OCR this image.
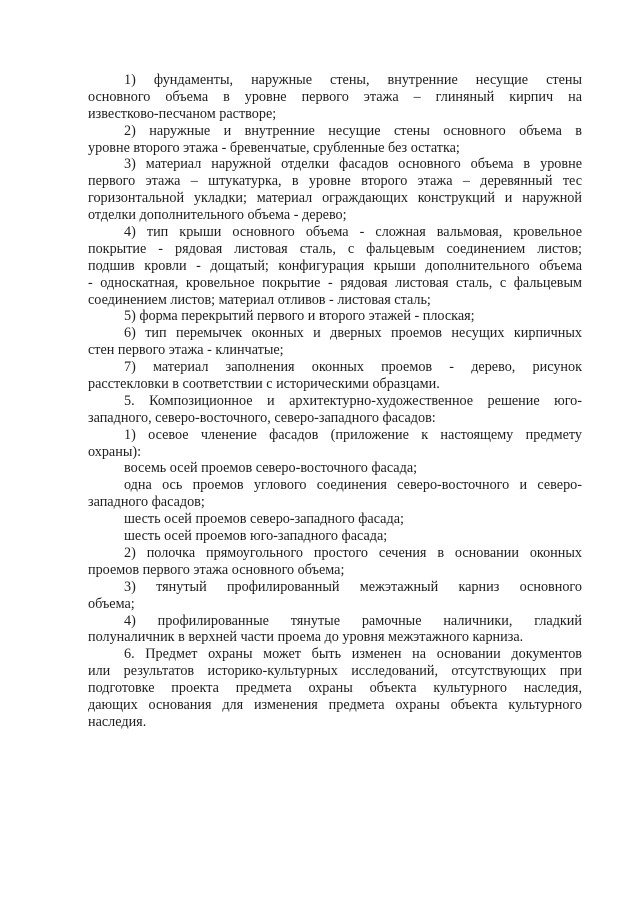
1) фундаменты, наружные стены, внутренние несущие стены
основного объема в уровне первого этажа – глиняный кирпич на
известково-песчаном растворе;

2) наружные и внутренние несущие стены основного объема в
уровне второго этажа - бревенчатые, срубленные без остатка;

3) материал наружной отделки фасадов основного объема в уровне
первого этажа – штукатурка, в уровне второго этажа – деревянный тес
горизонтальной укладки; материал ограждающих конструкций и наружной
отделки дополнительного объема - дерево;

4) тип крыши основного объема - сложная вальмовая, кровельное
покрытие - рядовая листовая сталь, с фальцевым соединением листов;
подшив кровли - дощатый; конфигурация крыши дополнительного объема
- односкатная, кровельное покрытие - рядовая листовая сталь, с фальцевым
соединением листов; материал отливов - листовая сталь;

5) форма перекрытий первого и второго этажей - плоская;

6) тип перемычек оконных и дверных проемов несущих кирпичных
стен первого этажа - клинчатые;

7) материал заполнения оконных проемов - дерево, рисунок
расстекловки в соответствии с историческими образцами.

5. Композиционное и архитектурно-художественное решение юго-
западного, северо-восточного, северо-западного фасадов:

1) осевое членение фасадов (приложение к настоящему предмету
охраны):

восемь осей проемов северо-восточного фасада;

одна ось проемов углового соединения северо-восточного и северо-
западного фасадов;

шесть осей проемов северо-западного фасада;

шесть осей проемов юго-западного фасада;

2) полочка прямоугольного простого сечения в основании оконных
проемов первого этажа основного объема;

3) тянутый профилированный межэтажный карниз основного
объема;

4) профилированные тянутые рамочные наличники, гладкий
полуналичник в верхней части проема до уровня межэтажного карниза.

6. Предмет охраны может быть изменен на основании документов
или результатов историко-культурных исследований, отсутствующих при
подготовке проекта предмета охраны объекта культурного наследия,
дающих основания для изменения предмета охраны объекта культурного
наследия.
